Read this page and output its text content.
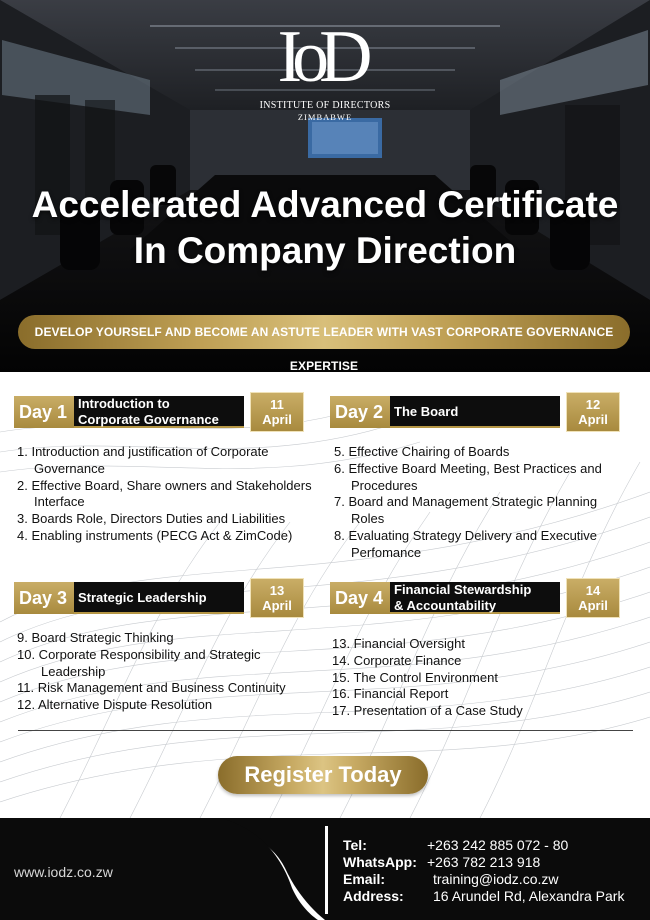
IoD
INSTITUTE OF DIRECTORS
ZIMBABWE
Accelerated Advanced Certificate
In Company Direction
DEVELOP YOURSELF AND BECOME AN ASTUTE LEADER WITH VAST CORPORATE GOVERNANCE EXPERTISE
Day 1 Introduction to
Corporate Governance
11
April
1. Introduction and justification of Corporate Governance
2. Effective Board, Share owners and Stakeholders Interface
3. Boards Role, Directors Duties and Liabilities
4. Enabling instruments (PECG Act & ZimCode)
Day 2 The Board	12
April
5. Effective Chairing of Boards
6. Effective Board Meeting, Best Practices and Procedures
7. Board and Management Strategic Planning Roles
8. Evaluating Strategy Delivery and Executive Perfomance
Day 3 Strategic Leadership	13
April
9. Board Strategic Thinking
10. Corporate Responsibility and Strategic Leadership
11. Risk Management and Business Continuity
12. Alternative Dispute Resolution
Day 4 Financial Stewardship
& Accountability
14
April
13. Financial Oversight
14. Corporate Finance
15. The Control Environment
16. Financial Report
17. Presentation of a Case Study
Register Today
www.iodz.co.zw
Tel:	+263 242 885 072 - 80
WhatsApp: +263 782 213 918
Email:	training@iodz.co.zw
Address: 16 Arundel Rd, Alexandra Park
